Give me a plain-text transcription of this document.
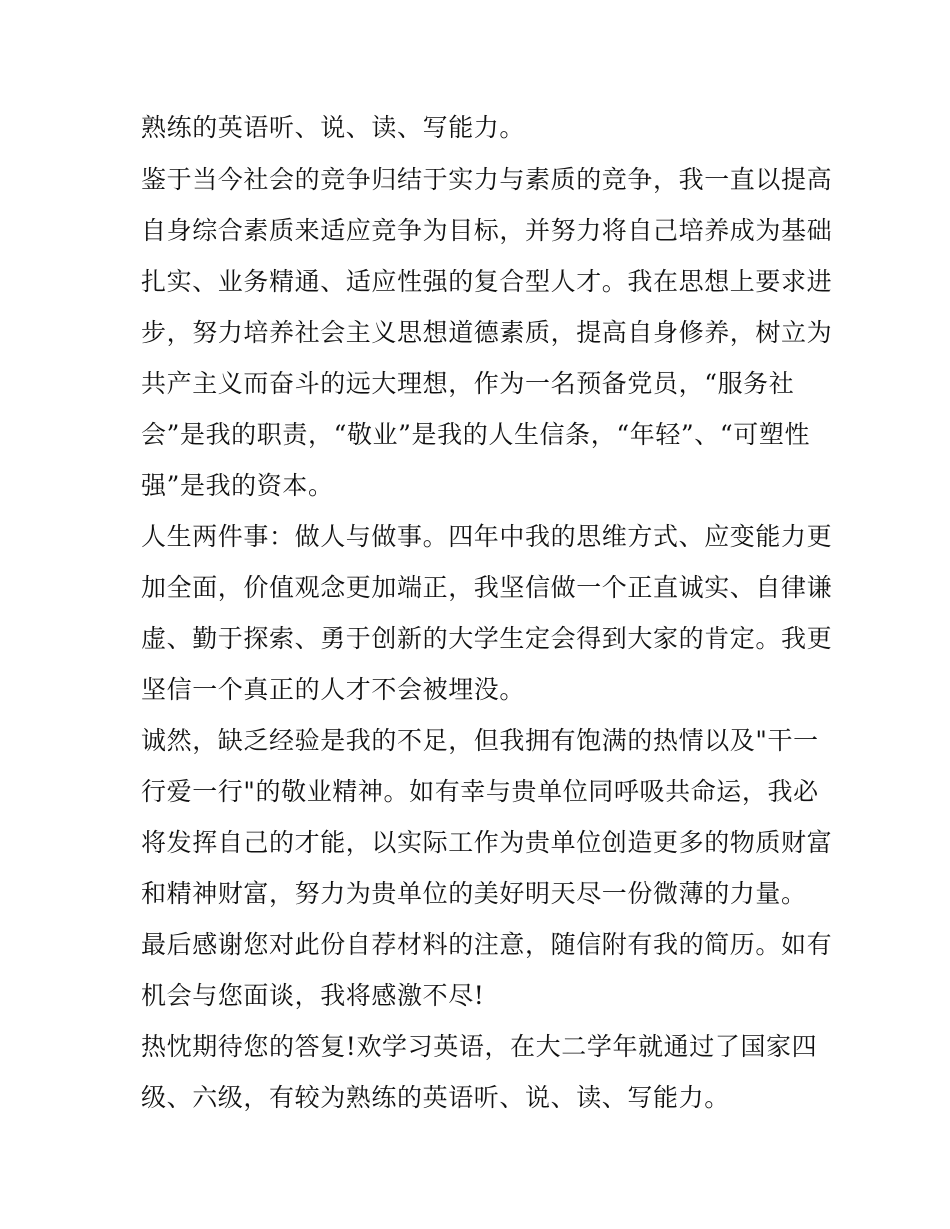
熟练的英语听、说、读、写能力。
鉴于当今社会的竞争归结于实力与素质的竞争，我一直以提高
自身综合素质来适应竞争为目标，并努力将自己培养成为基础
扎实、业务精通、适应性强的复合型人才。我在思想上要求进
步，努力培养社会主义思想道德素质，提高自身修养，树立为
共产主义而奋斗的远大理想，作为一名预备党员，“服务社
会”是我的职责，“敬业”是我的人生信条，“年轻”、“可塑性
强”是我的资本。
人生两件事：做人与做事。四年中我的思维方式、应变能力更
加全面，价值观念更加端正，我坚信做一个正直诚实、自律谦
虚、勤于探索、勇于创新的大学生定会得到大家的肯定。我更
坚信一个真正的人才不会被埋没。
诚然，缺乏经验是我的不足，但我拥有饱满的热情以及"干一
行爱一行"的敬业精神。如有幸与贵单位同呼吸共命运，我必
将发挥自己的才能，以实际工作为贵单位创造更多的物质财富
和精神财富，努力为贵单位的美好明天尽一份微薄的力量。
最后感谢您对此份自荐材料的注意，随信附有我的简历。如有
机会与您面谈，我将感激不尽!
热忱期待您的答复!欢学习英语，在大二学年就通过了国家四
级、六级，有较为熟练的英语听、说、读、写能力。
